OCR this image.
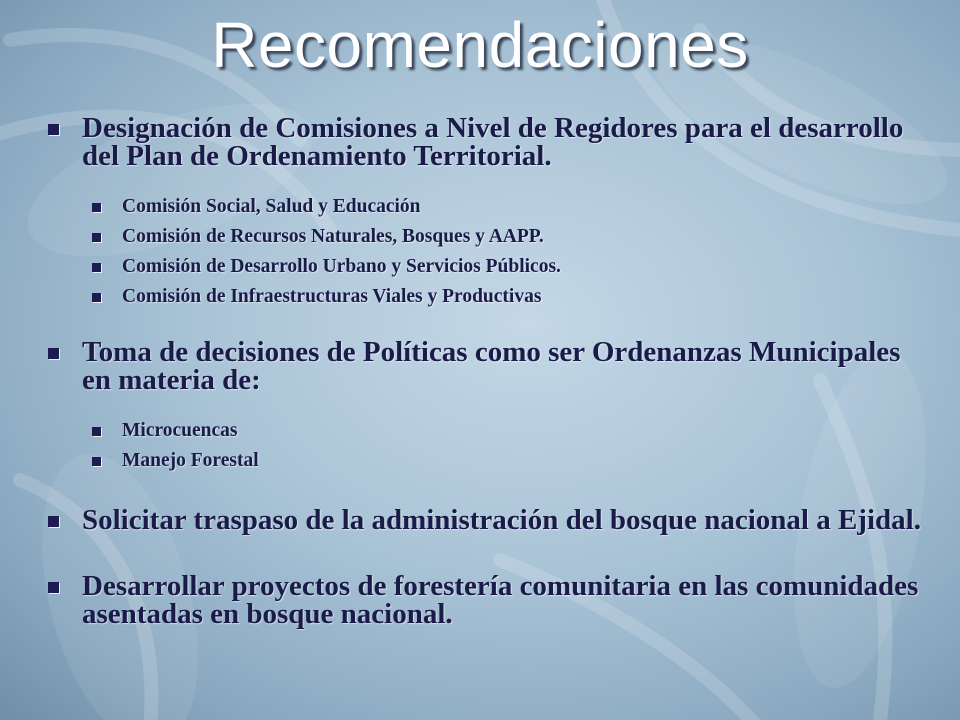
Recomendaciones
Designación de Comisiones a Nivel de Regidores para el desarrollo del Plan de Ordenamiento Territorial.
Comisión Social, Salud y Educación
Comisión de Recursos Naturales, Bosques y AAPP.
Comisión de Desarrollo Urbano y Servicios Públicos.
Comisión de Infraestructuras Viales y Productivas
Toma de decisiones de Políticas como ser Ordenanzas Municipales en materia de:
Microcuencas
Manejo Forestal
Solicitar traspaso de la administración del bosque nacional a Ejidal.
Desarrollar proyectos de forestería comunitaria en las comunidades asentadas en bosque nacional.
